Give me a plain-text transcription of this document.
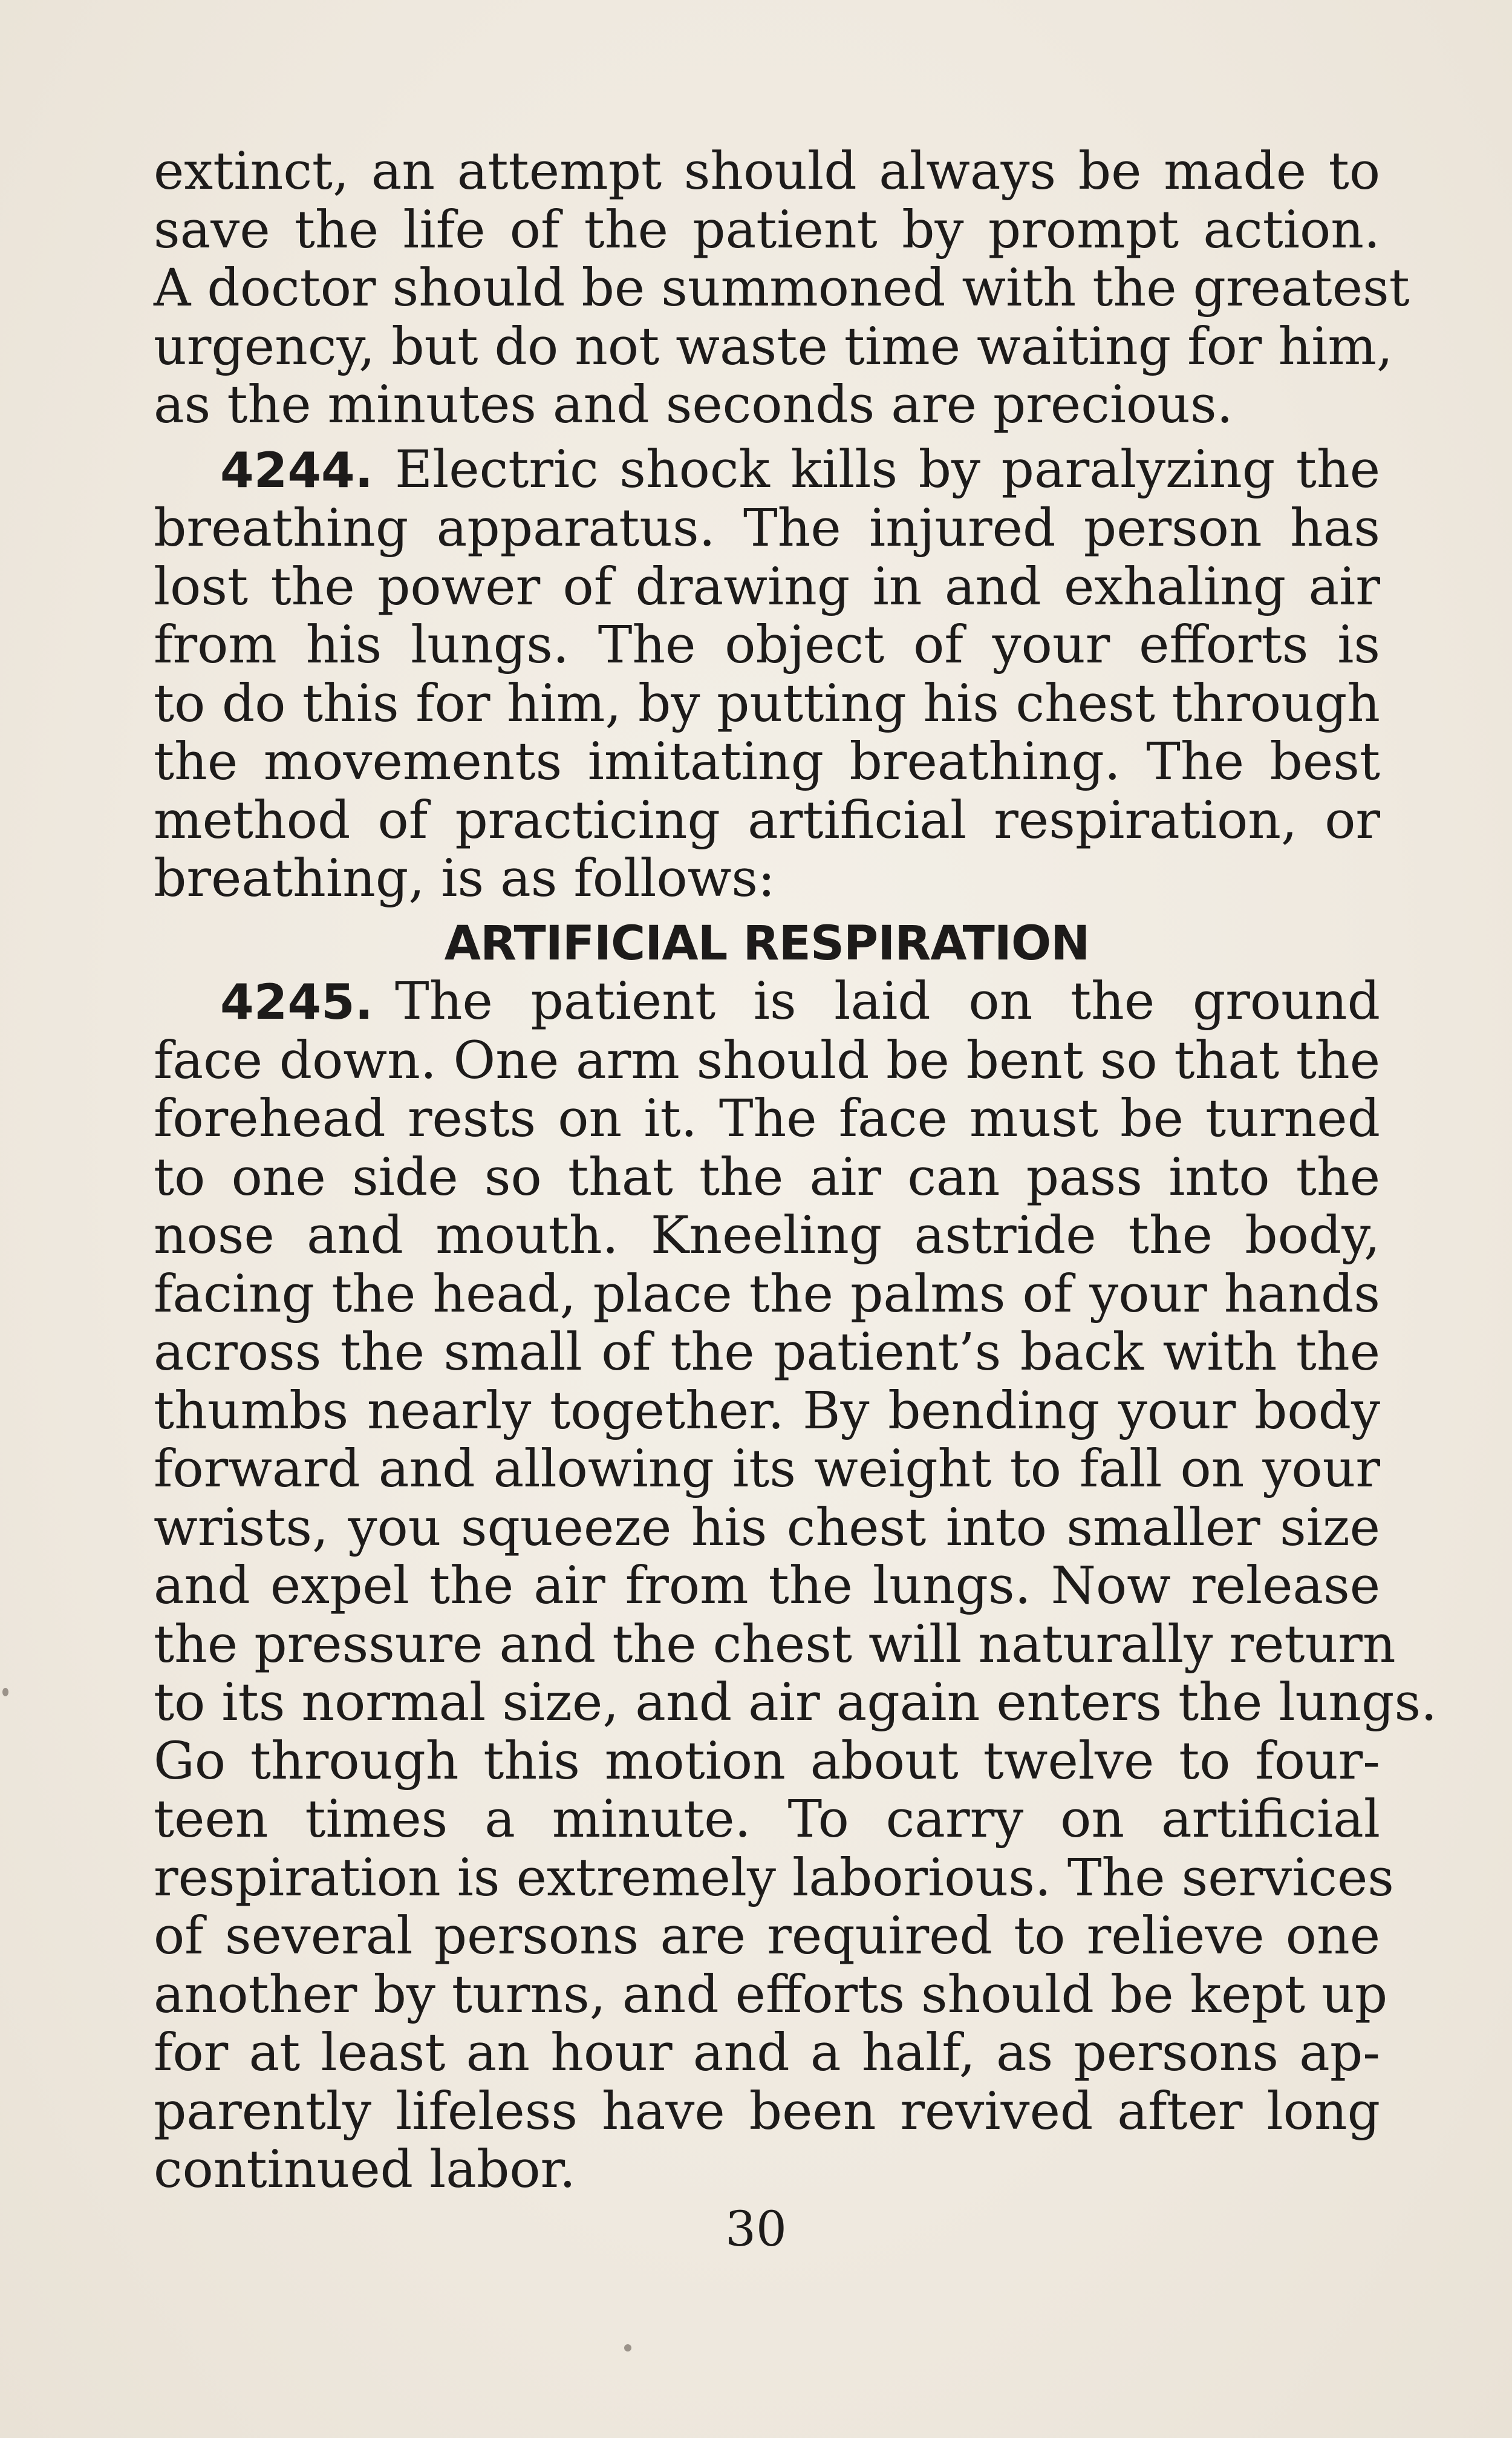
extinct, an attempt should always be made to
save the life of the patient by prompt action.
A doctor should be summoned with the greatest
urgency, but do not waste time waiting for him,
as the minutes and seconds are precious.

4244. Electric shock kills by paralyzing the
breathing apparatus. The injured person has
lost the power of drawing in and exhaling air
from his lungs. The object of your efforts is
to do this for him, by putting his chest through
the movements imitating breathing. The best
method of practicing artificial respiration, or
breathing, is as follows:

ARTIFICIAL RESPIRATION

4245. The patient is laid on the ground
face down. One arm should be bent so that the
forehead rests on it. The face must be turned
to one side so that the air can pass into the
nose and mouth. Kneeling astride the body,
facing the head, place the palms of your hands
across the small of the patient’s back with the
thumbs nearly together. By bending your body
forward and allowing its weight to fall on your
wrists, you squeeze his chest into smaller size
and expel the air from the lungs. Now release
the pressure and the chest will naturally return
to its normal size, and air again enters the lungs.
Go through this motion about twelve to four-
teen times a minute. To carry on artificial
respiration is extremely laborious. The services
of several persons are required to relieve one
another by turns, and efforts should be kept up
for at least an hour and a half, as persons ap-
parently lifeless have been revived after long
continued labor.

30
